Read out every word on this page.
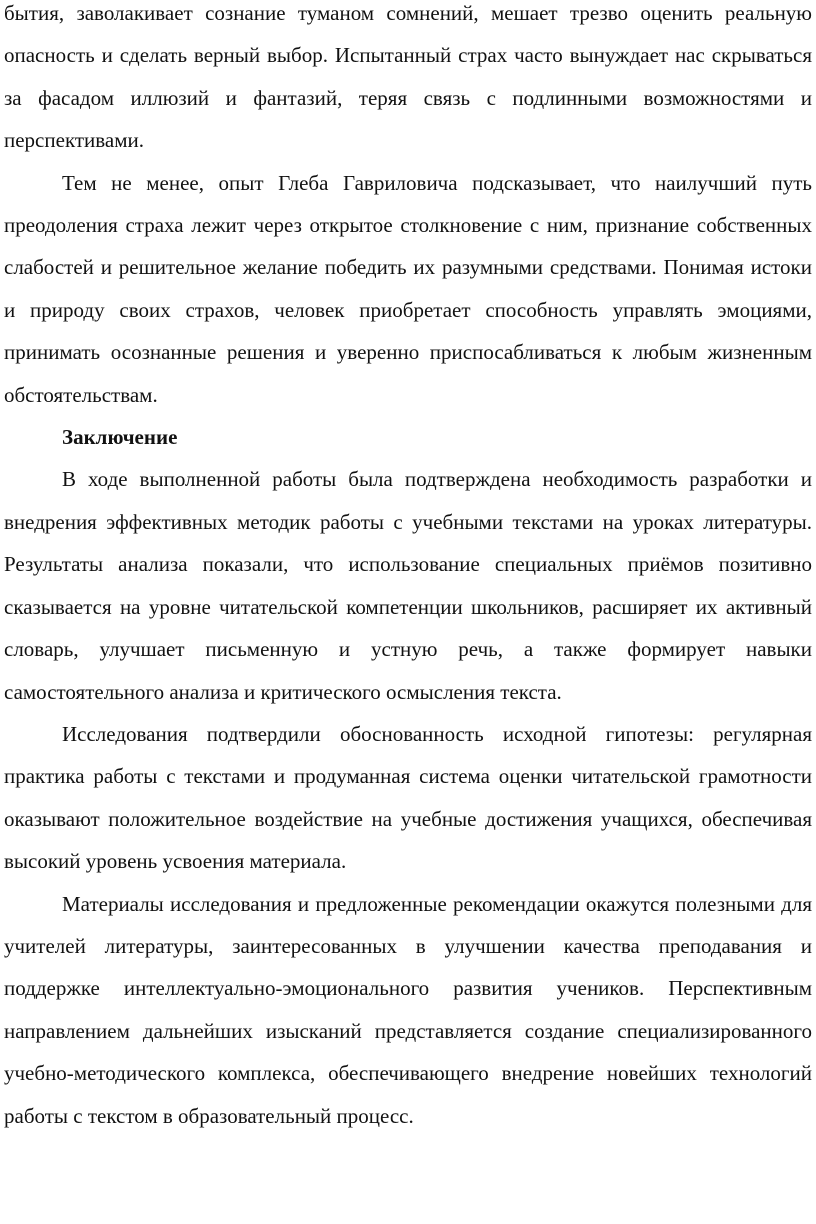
бытия, заволакивает сознание туманом сомнений, мешает трезво оценить реальную опасность и сделать верный выбор. Испытанный страх часто вынуждает нас скрываться за фасадом иллюзий и фантазий, теряя связь с подлинными возможностями и перспективами.

Тем не менее, опыт Глеба Гавриловича подсказывает, что наилучший путь преодоления страха лежит через открытое столкновение с ним, признание собственных слабостей и решительное желание победить их разумными средствами. Понимая истоки и природу своих страхов, человек приобретает способность управлять эмоциями, принимать осознанные решения и уверенно приспосабливаться к любым жизненным обстоятельствам.

Заключение

В ходе выполненной работы была подтверждена необходимость разработки и внедрения эффективных методик работы с учебными текстами на уроках литературы. Результаты анализа показали, что использование специальных приёмов позитивно сказывается на уровне читательской компетенции школьников, расширяет их активный словарь, улучшает письменную и устную речь, а также формирует навыки самостоятельного анализа и критического осмысления текста.

Исследования подтвердили обоснованность исходной гипотезы: регулярная практика работы с текстами и продуманная система оценки читательской грамотности оказывают положительное воздействие на учебные достижения учащихся, обеспечивая высокий уровень усвоения материала.

Материалы исследования и предложенные рекомендации окажутся полезными для учителей литературы, заинтересованных в улучшении качества преподавания и поддержке интеллектуально-эмоционального развития учеников. Перспективным направлением дальнейших изысканий представляется создание специализированного учебно-методического комплекса, обеспечивающего внедрение новейших технологий работы с текстом в образовательный процесс.
